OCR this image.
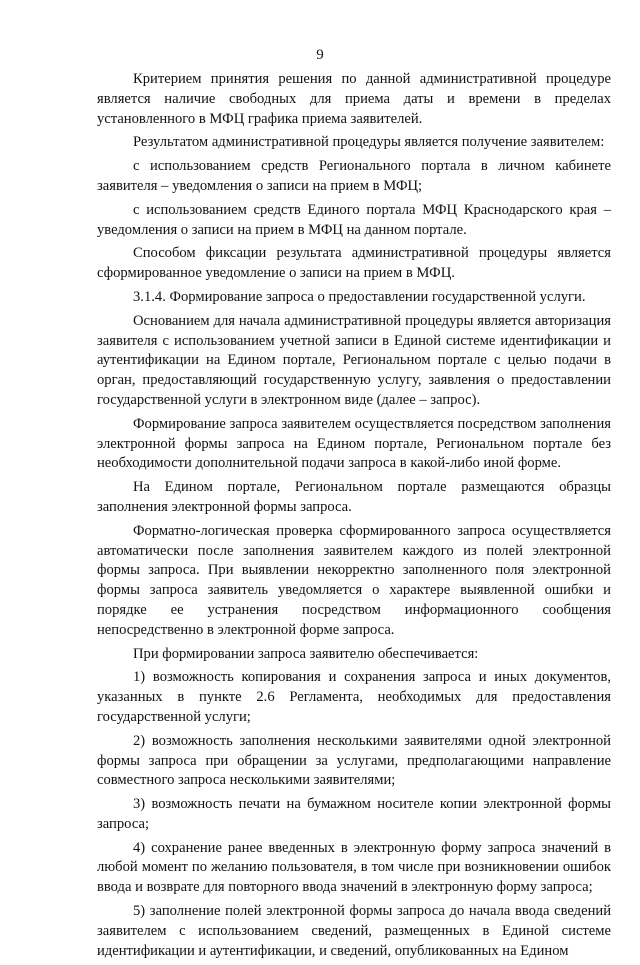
9

Критерием принятия решения по данной административной процедуре является наличие свободных для приема даты и времени в пределах установленного в МФЦ графика приема заявителей.

Результатом административной процедуры является получение заявителем:

с использованием средств Регионального портала в личном кабинете заявителя – уведомления о записи на прием в МФЦ;

с использованием средств Единого портала МФЦ Краснодарского края – уведомления о записи на прием в МФЦ на данном портале.

Способом фиксации результата административной процедуры является сформированное уведомление о записи на прием в МФЦ.

3.1.4. Формирование запроса о предоставлении государственной услуги.

Основанием для начала административной процедуры является авторизация заявителя с использованием учетной записи в Единой системе идентификации и аутентификации на Едином портале, Региональном портале с целью подачи в орган, предоставляющий государственную услугу, заявления о предоставлении государственной услуги в электронном виде (далее – запрос).

Формирование запроса заявителем осуществляется посредством заполнения электронной формы запроса на Едином портале, Региональном портале без необходимости дополнительной подачи запроса в какой-либо иной форме.

На Едином портале, Региональном портале размещаются образцы заполнения электронной формы запроса.

Форматно-логическая проверка сформированного запроса осуществляется автоматически после заполнения заявителем каждого из полей электронной формы запроса. При выявлении некорректно заполненного поля электронной формы запроса заявитель уведомляется о характере выявленной ошибки и порядке ее устранения посредством информационного сообщения непосредственно в электронной форме запроса.

При формировании запроса заявителю обеспечивается:

1) возможность копирования и сохранения запроса и иных документов, указанных в пункте 2.6 Регламента, необходимых для предоставления государственной услуги;

2) возможность заполнения несколькими заявителями одной электронной формы запроса при обращении за услугами, предполагающими направление совместного запроса несколькими заявителями;

3) возможность печати на бумажном носителе копии электронной формы запроса;

4) сохранение ранее введенных в электронную форму запроса значений в любой момент по желанию пользователя, в том числе при возникновении ошибок ввода и возврате для повторного ввода значений в электронную форму запроса;

5) заполнение полей электронной формы запроса до начала ввода сведений заявителем с использованием сведений, размещенных в Единой системе идентификации и аутентификации, и сведений, опубликованных на Едином
